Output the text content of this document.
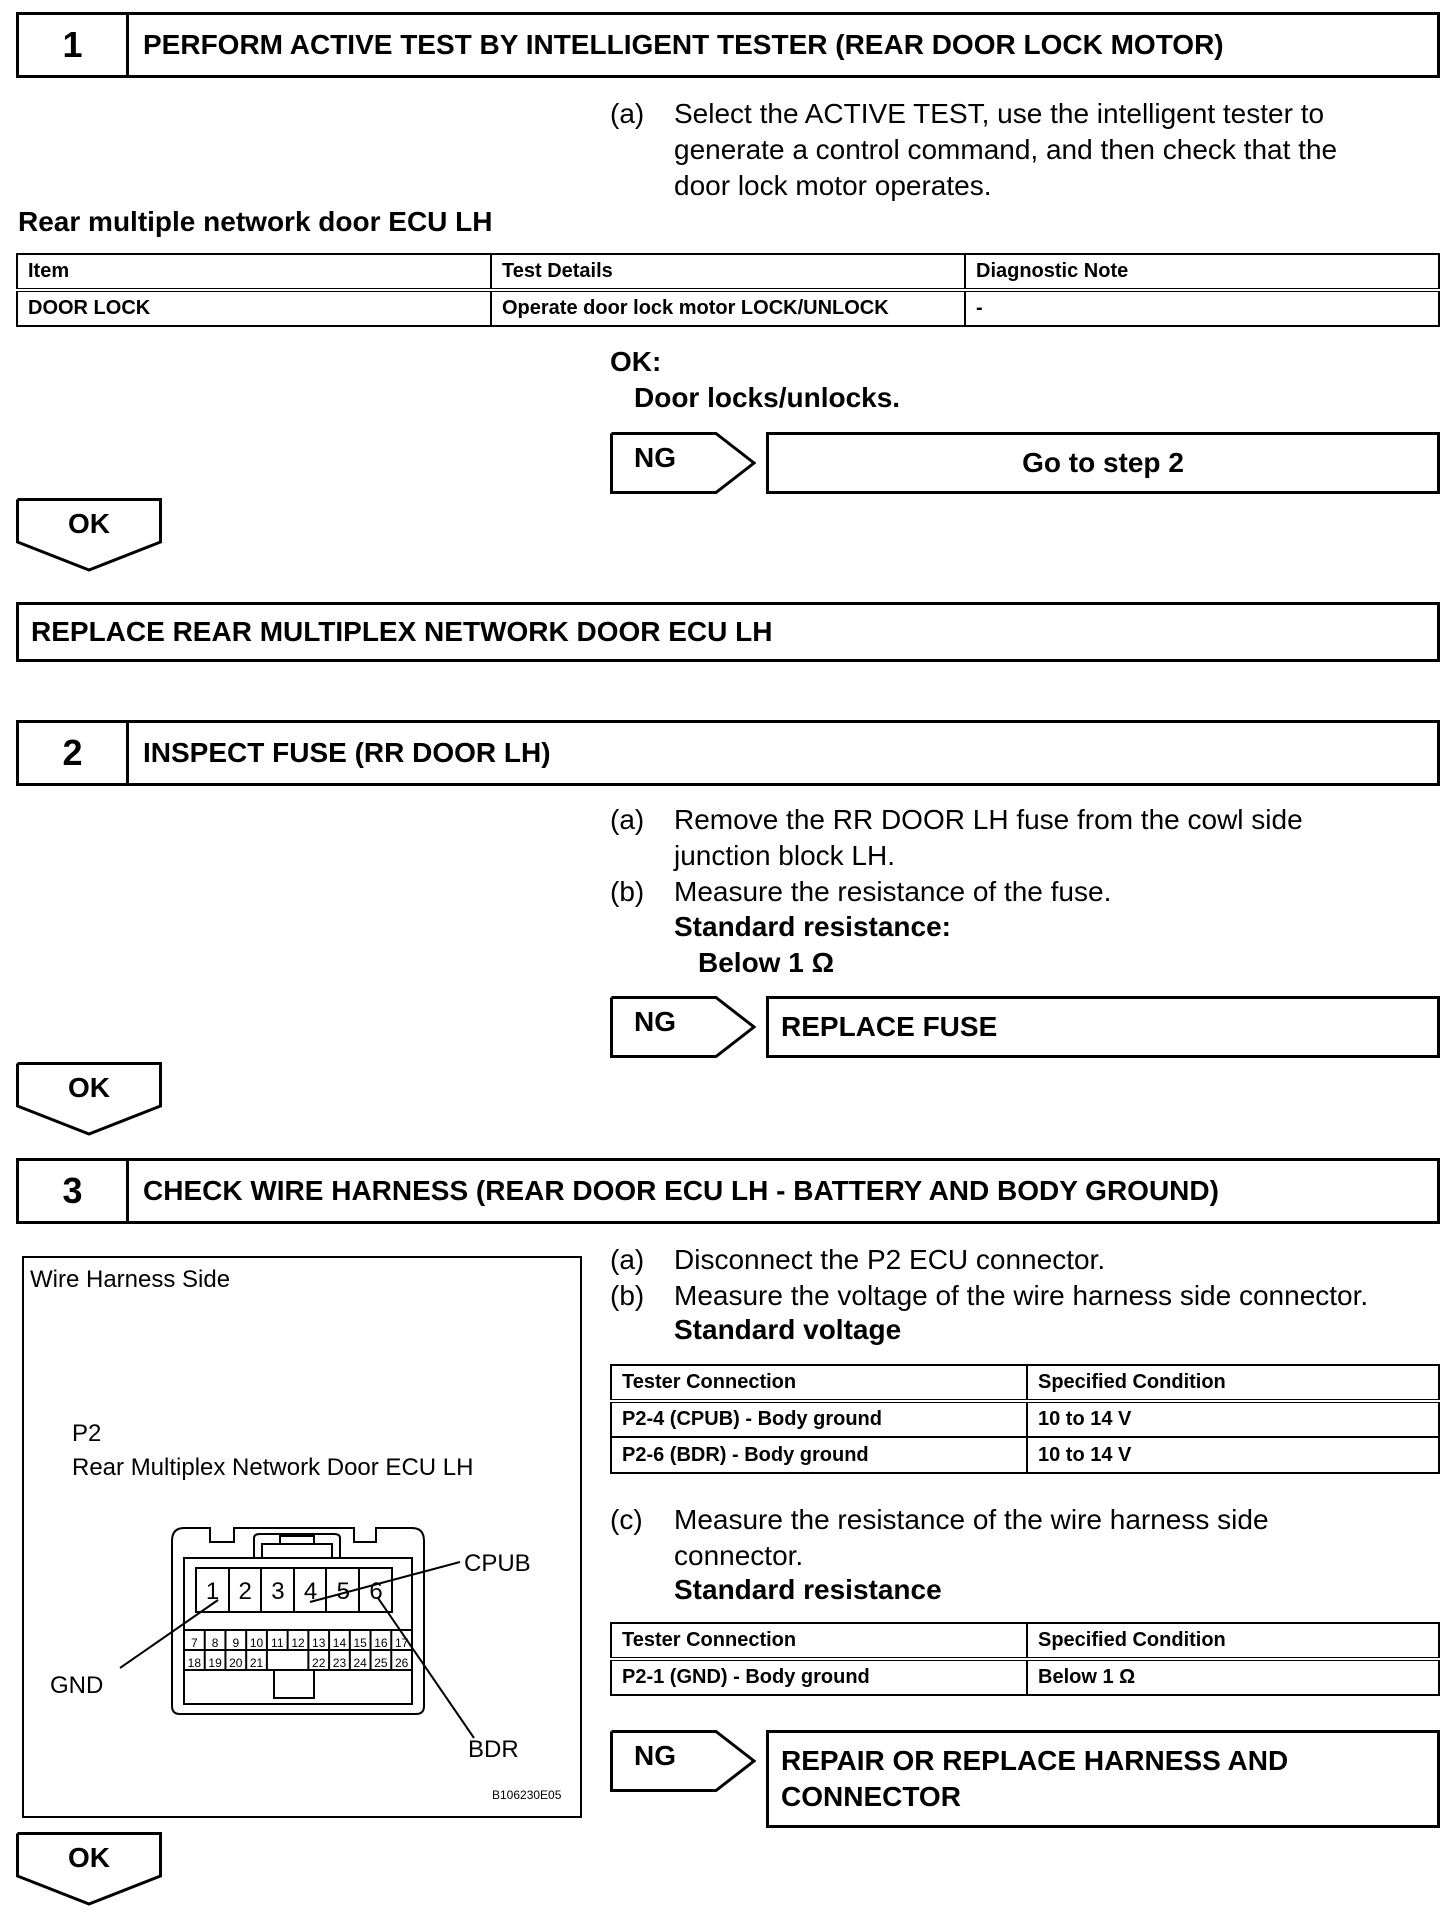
1	PERFORM ACTIVE TEST BY INTELLIGENT TESTER (REAR DOOR LOCK MOTOR)
(a) Select the ACTIVE TEST, use the intelligent tester to
generate a control command, and then check that the
door lock motor operates.
Rear multiple network door ECU LH
Item	Test Details	Diagnostic Note
DOOR LOCK	Operate door lock motor LOCK/UNLOCK	-
OK:
Door locks/unlocks.
NG	Go to step 2
OK
REPLACE REAR MULTIPLEX NETWORK DOOR ECU LH
2	INSPECT FUSE (RR DOOR LH)
(a) Remove the RR DOOR LH fuse from the cowl side
junction block LH.
(b) Measure the resistance of the fuse.
Standard resistance:
Below 1 Ω
NG	REPLACE FUSE
OK
3	CHECK WIRE HARNESS (REAR DOOR ECU LH - BATTERY AND BODY GROUND)
Wire Harness Side
P2
Rear Multiplex Network Door ECU LH
CPUB
GND
BDR
B106230E05
1 2 3 4 5 6
7 8 9 10 11 12 13 14 15 16 17
18 19 20 21	22 23 24 25 26
(a) Disconnect the P2 ECU connector.
(b) Measure the voltage of the wire harness side connector.
Standard voltage
Tester Connection	Specified Condition
P2-4 (CPUB) - Body ground	10 to 14 V
P2-6 (BDR) - Body ground	10 to 14 V
(c) Measure the resistance of the wire harness side
connector.
Standard resistance
Tester Connection	Specified Condition
P2-1 (GND) - Body ground	Below 1 Ω
NG	REPAIR OR REPLACE HARNESS AND
CONNECTOR
OK
